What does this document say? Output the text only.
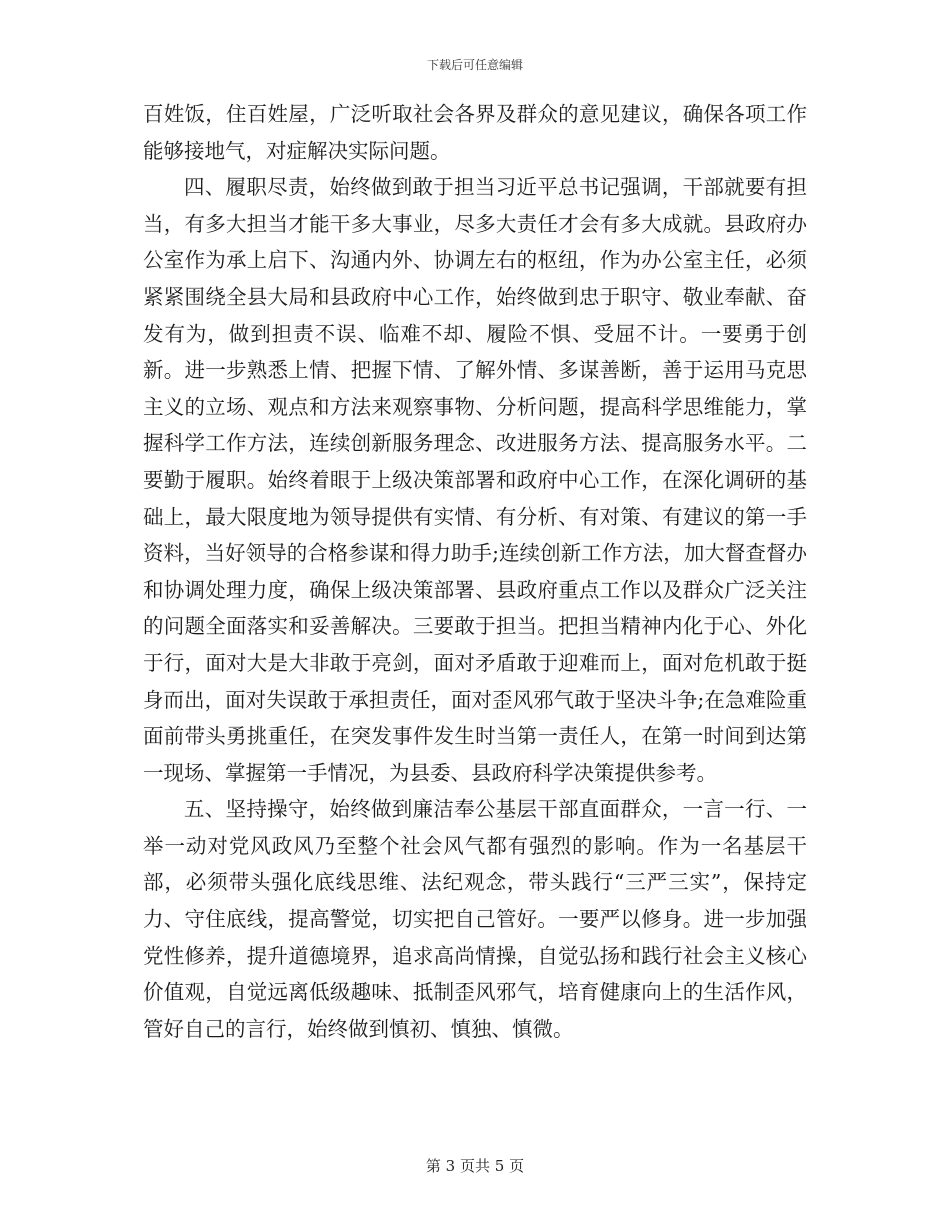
下载后可任意编辑

百姓饭，住百姓屋，广泛听取社会各界及群众的意见建议，确保各项工作能够接地气，对症解决实际问题。

四、履职尽责，始终做到敢于担当习近平总书记强调，干部就要有担当，有多大担当才能干多大事业，尽多大责任才会有多大成就。县政府办公室作为承上启下、沟通内外、协调左右的枢纽，作为办公室主任，必须紧紧围绕全县大局和县政府中心工作，始终做到忠于职守、敬业奉献、奋发有为，做到担责不误、临难不却、履险不惧、受屈不计。一要勇于创新。进一步熟悉上情、把握下情、了解外情、多谋善断，善于运用马克思主义的立场、观点和方法来观察事物、分析问题，提高科学思维能力，掌握科学工作方法，连续创新服务理念、改进服务方法、提高服务水平。二要勤于履职。始终着眼于上级决策部署和政府中心工作，在深化调研的基础上，最大限度地为领导提供有实情、有分析、有对策、有建议的第一手资料，当好领导的合格参谋和得力助手;连续创新工作方法，加大督查督办和协调处理力度，确保上级决策部署、县政府重点工作以及群众广泛关注的问题全面落实和妥善解决。三要敢于担当。把担当精神内化于心、外化于行，面对大是大非敢于亮剑，面对矛盾敢于迎难而上，面对危机敢于挺身而出，面对失误敢于承担责任，面对歪风邪气敢于坚决斗争;在急难险重面前带头勇挑重任，在突发事件发生时当第一责任人，在第一时间到达第一现场、掌握第一手情况，为县委、县政府科学决策提供参考。

五、坚持操守，始终做到廉洁奉公基层干部直面群众，一言一行、一举一动对党风政风乃至整个社会风气都有强烈的影响。作为一名基层干部，必须带头强化底线思维、法纪观念，带头践行“三严三实”，保持定力、守住底线，提高警觉，切实把自己管好。一要严以修身。进一步加强党性修养，提升道德境界，追求高尚情操，自觉弘扬和践行社会主义核心价值观，自觉远离低级趣味、抵制歪风邪气，培育健康向上的生活作风，管好自己的言行，始终做到慎初、慎独、慎微。

第 3 页共 5 页
